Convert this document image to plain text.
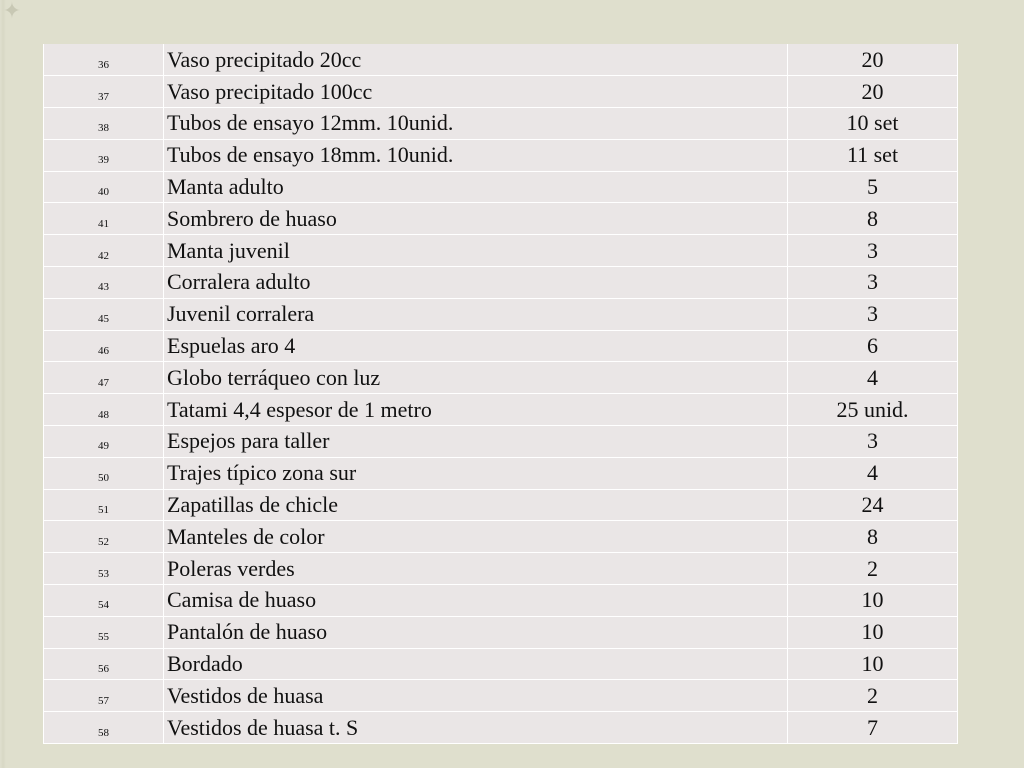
✦
36	Vaso precipitado 20cc	20
37	Vaso precipitado 100cc	20
38	Tubos de ensayo 12mm. 10unid.	10 set
39	Tubos de ensayo 18mm. 10unid.	11 set
40	Manta adulto	5
41	Sombrero de huaso	8
42	Manta juvenil	3
43	Corralera adulto	3
45	Juvenil corralera	3
46	Espuelas aro 4	6
47	Globo terráqueo con luz	4
48	Tatami 4,4 espesor de 1 metro	25 unid.
49	Espejos para taller	3
50	Trajes típico zona sur	4
51	Zapatillas de chicle	24
52	Manteles de color	8
53	Poleras verdes	2
54	Camisa de huaso	10
55	Pantalón de huaso	10
56	Bordado	10
57	Vestidos de huasa	2
58	Vestidos de huasa t. S	7
